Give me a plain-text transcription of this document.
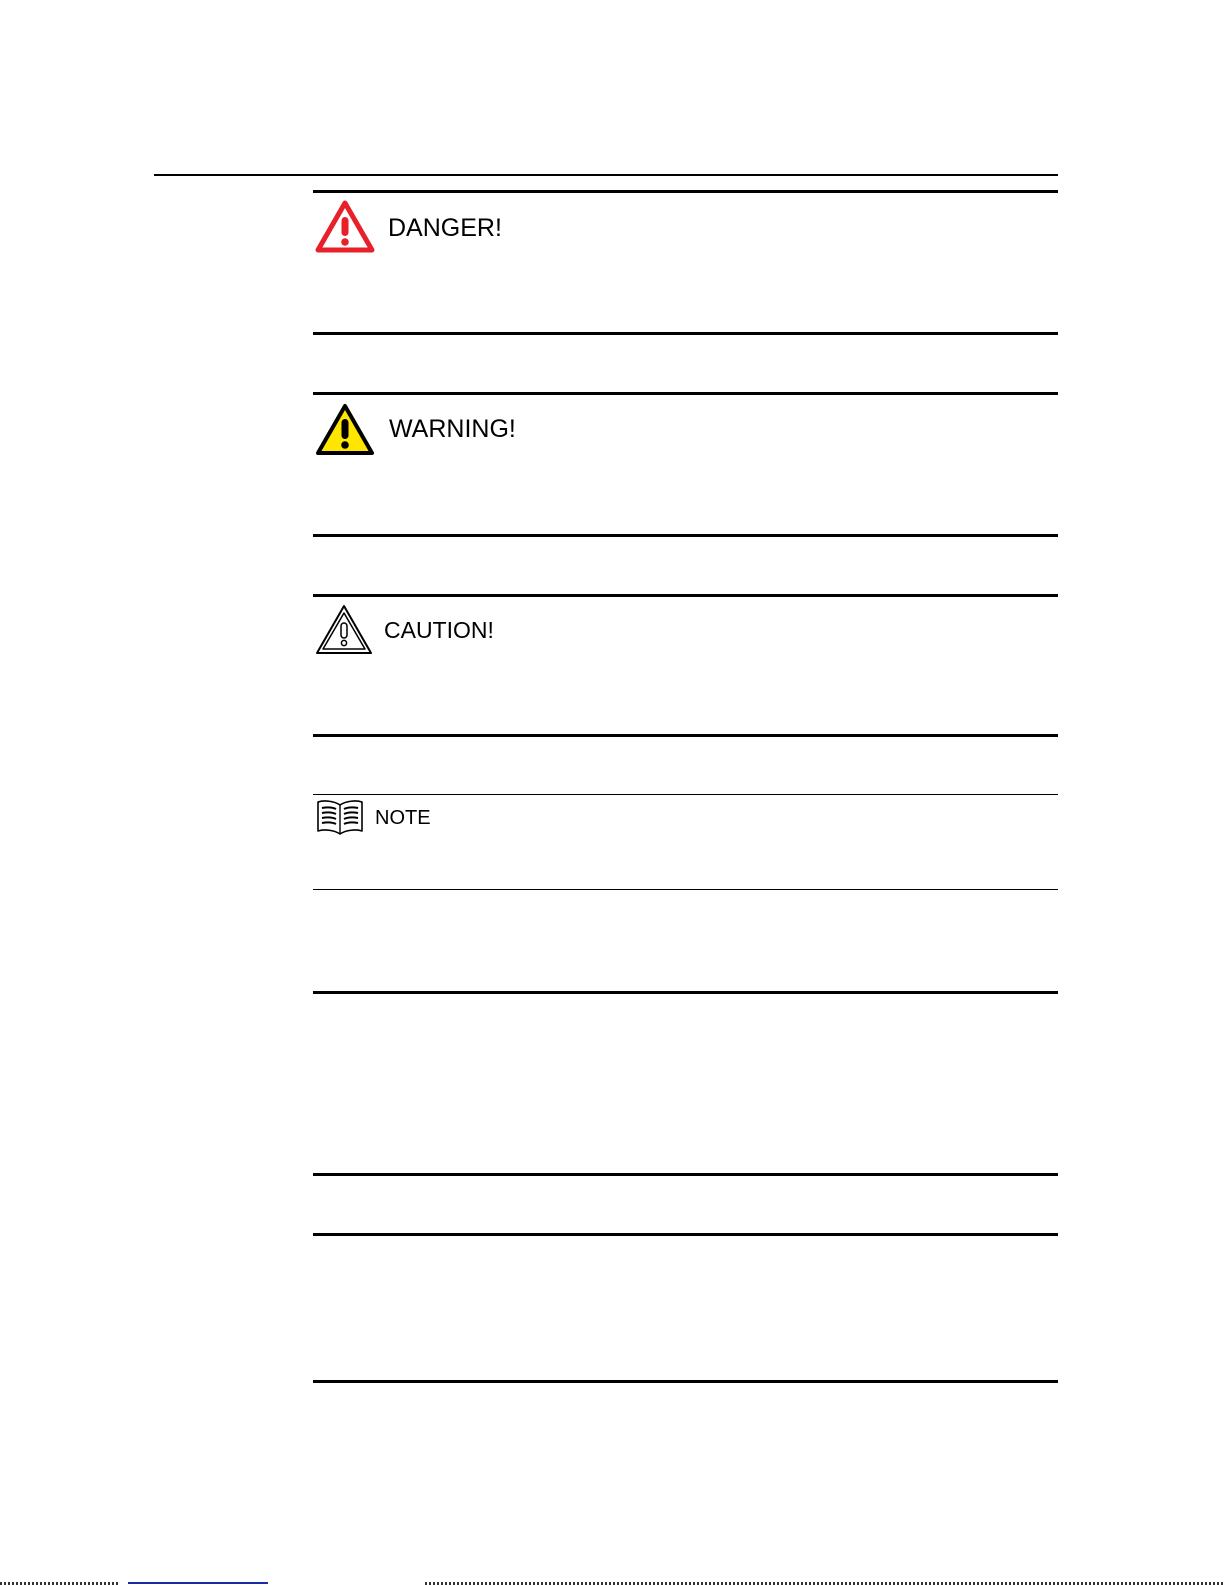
DANGER!
WARNING!
CAUTION!
NOTE
